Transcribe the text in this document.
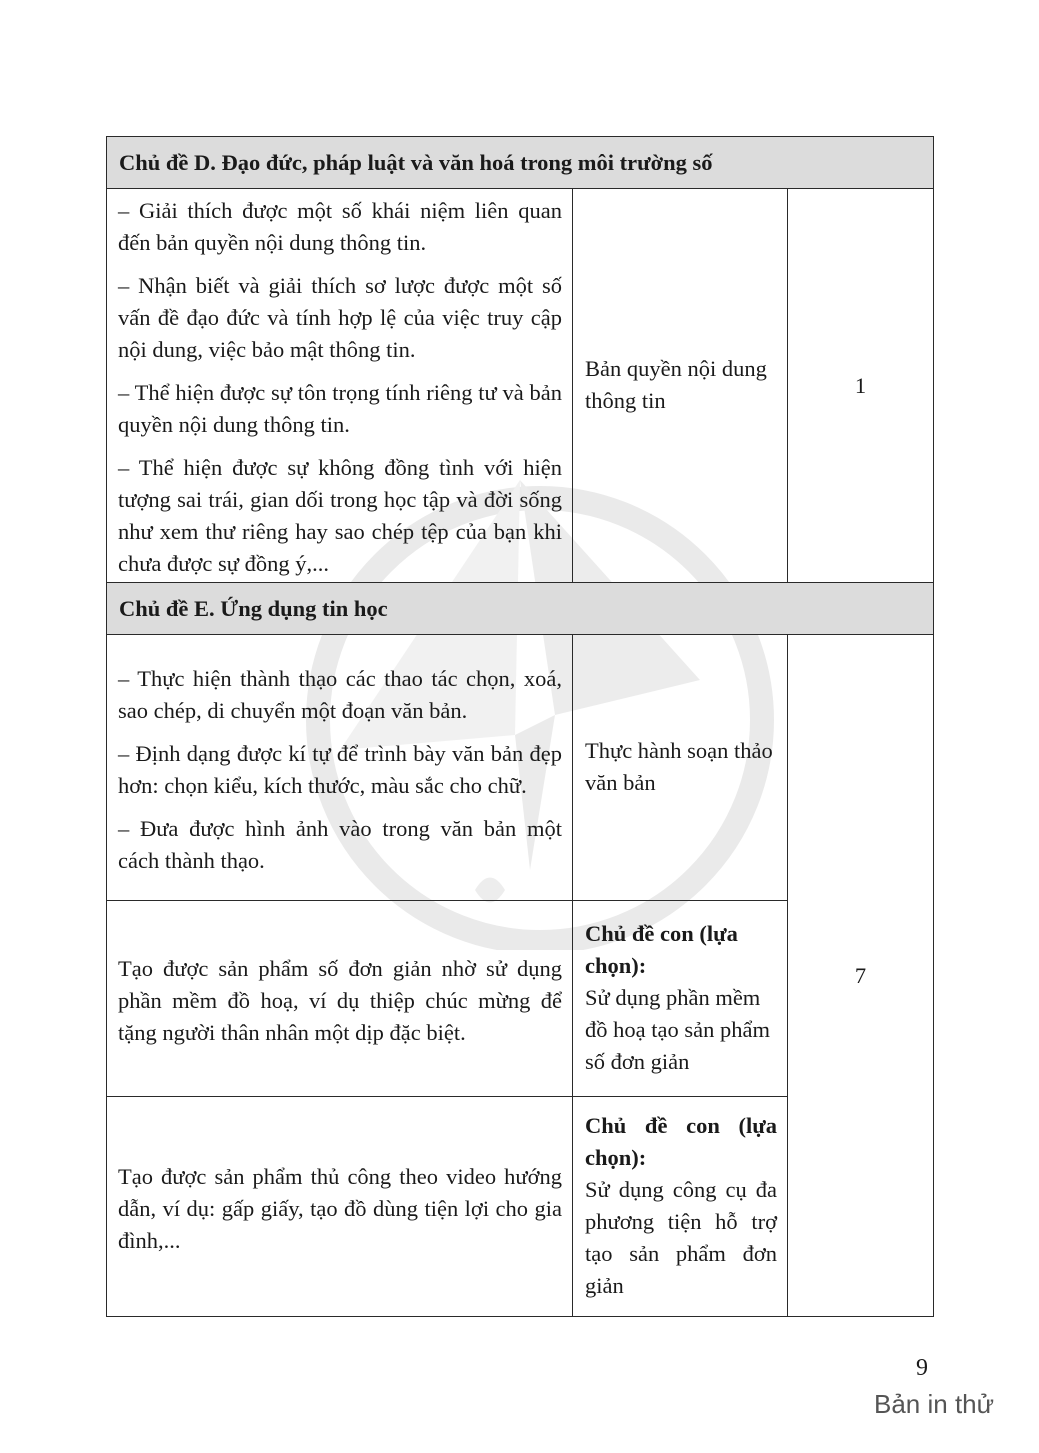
Chủ đề D. Đạo đức, pháp luật và văn hoá trong môi trường số		

– Giải thích được một số khái niệm liên quan đến bản quyền nội dung thông tin.

– Nhận biết và giải thích sơ lược được một số vấn đề đạo đức và tính hợp lệ của việc truy cập nội dung, việc bảo mật thông tin.

– Thể hiện được sự tôn trọng tính riêng tư và bản quyền nội dung thông tin.

– Thể hiện được sự không đồng tình với hiện tượng sai trái, gian dối trong học tập và đời sống như xem thư riêng hay sao chép tệp của bạn khi chưa được sự đồng ý,...	Bản quyền nội dung thông tin	1
Chủ đề E. Ứng dụng tin học		

– Thực hiện thành thạo các thao tác chọn, xoá, sao chép, di chuyển một đoạn văn bản.

– Định dạng được kí tự để trình bày văn bản đẹp hơn: chọn kiểu, kích thước, màu sắc cho chữ.

– Đưa được hình ảnh vào trong văn bản một cách thành thạo.	Thực hành soạn thảo văn bản	7

Tạo được sản phẩm số đơn giản nhờ sử dụng phần mềm đồ hoạ, ví dụ thiệp chúc mừng để tặng người thân nhân một dịp đặc biệt.	Chủ đề con (lựa chọn):
Sử dụng phần mềm đồ hoạ tạo sản phẩm số đơn giản	

Tạo được sản phẩm thủ công theo video hướng dẫn, ví dụ: gấp giấy, tạo đồ dùng tiện lợi cho gia đình,...	Chủ đề con (lựa chọn):
Sử dụng công cụ đa phương tiện hỗ trợ tạo sản phẩm đơn giản	
9
Bản in thử
